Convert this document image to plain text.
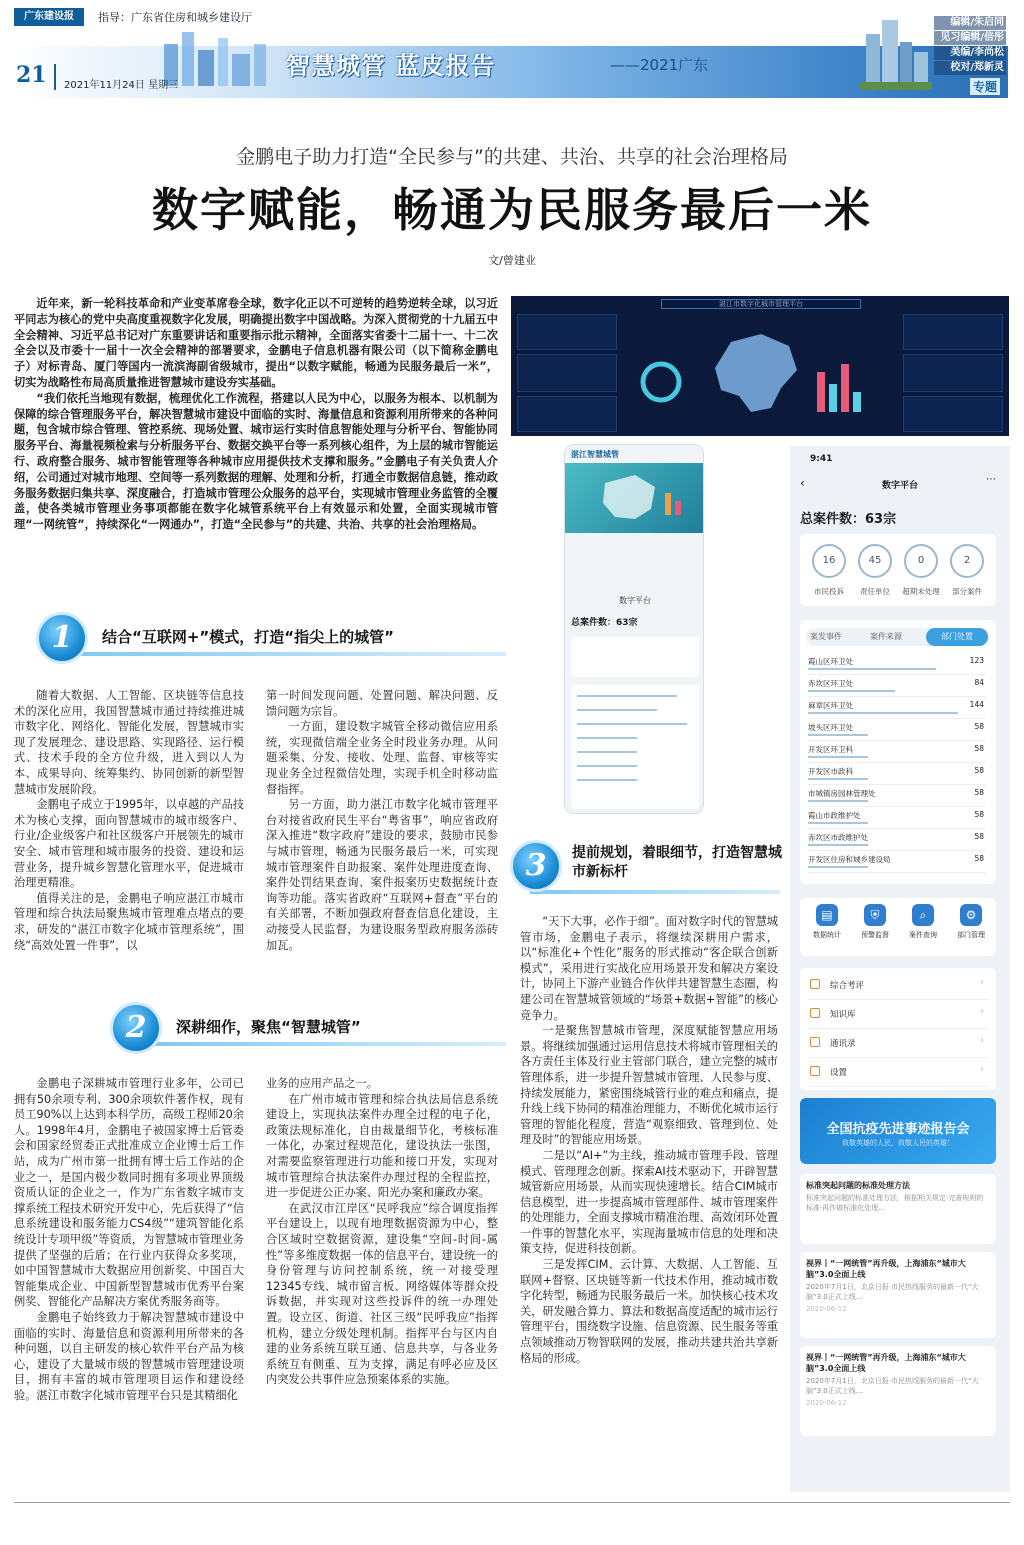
广东建设报	指导：广东省住房和城乡建设厅
21 2021年11月24日 星期三
智慧城管 蓝皮报告	——2021广东
编辑/朱启同
见习编辑/倍彤
美编/李尚松
校对/郑新灵
专题
金鹏电子助力打造“全民参与”的共建、共治、共享的社会治理格局
数字赋能，畅通为民服务最后一米
文/曾建业

近年来，新一轮科技革命和产业变革席卷全球，数字化正以不可逆转的趋势逆转全球，以习近平同志为核心的党中央高度重视数字化发展，明确提出数字中国战略。为深入贯彻党的十九届五中全会精神、习近平总书记对广东重要讲话和重要指示批示精神，全面落实省委十二届十一、十二次全会以及市委十一届十一次全会精神的部署要求，金鹏电子信息机器有限公司（以下简称金鹏电子）对标青岛、厦门等国内一流滨海副省级城市，提出“以数字赋能，畅通为民服务最后一米”，切实为战略性布局高质量推进智慧城市建设夯实基础。

“我们依托当地现有数据，梳理优化工作流程，搭建以人民为中心，以服务为根本、以机制为保障的综合管理服务平台，解决智慧城市建设中面临的实时、海量信息和资源利用所带来的各种问题，包含城市综合管理、管控系统、现场处置、城市运行实时信息智能处理与分析平台、智能协同服务平台、海量视频检索与分析服务平台、数据交换平台等一系列核心组件，为上层的城市智能运行、政府整合服务、城市智能管理等各种城市应用提供技术支撑和服务。”金鹏电子有关负责人介绍，公司通过对城市地理、空间等一系列数据的理解、处理和分析，打通全市数据信息链，推动政务服务数据归集共享、深度融合，打造城市管理公众服务的总平台，实现城市管理业务监管的全覆盖，使各类城市管理业务事项都能在数字化城管系统平台上有效显示和处置，全面实现城市管理“一网统管”，持续深化“一网通办”，打造“全民参与”的共建、共治、共享的社会治理格局。

湛江市数字化城市管理平台
1	结合“互联网+”模式，打造“指尖上的城管”

随着大数据、人工智能、区块链等信息技术的深化应用，我国智慧城市通过持续推进城市数字化、网络化、智能化发展，智慧城市实现了发展理念、建设思路、实现路径、运行模式、技术手段的全方位升级，进入到以人为本、成果导向、统筹集约、协同创新的新型智慧城市发展阶段。

金鹏电子成立于1995年，以卓越的产品技术为核心支撑，面向智慧城市的城市级客户、行业/企业级客户和社区级客户开展领先的城市安全、城市管理和城市服务的投资、建设和运营业务，提升城乡智慧化管理水平，促进城市治理更精准。

值得关注的是，金鹏电子响应湛江市城市管理和综合执法局聚焦城市管理难点堵点的要求，研发的“湛江市数字化城市管理系统”，围绕“高效处置一件事”，以

第一时间发现问题、处置问题、解决问题、反馈问题为宗旨。

一方面，建设数字城管全移动微信应用系统，实现微信端全业务全时段业务办理。从问题采集、分发、接收、处理、监督、审核等实现业务全过程微信处理，实现手机全时移动监督指挥。

另一方面，助力湛江市数字化城市管理平台对接省政府民生平台“粤省事”，响应省政府深入推进“数字政府”建设的要求，鼓励市民参与城市管理，畅通为民服务最后一米，可实现城市管理案件自助报案、案件处理进度查询、案件处罚结果查询、案件报案历史数据统计查询等功能。落实省政府“互联网+督查”平台的有关部署，不断加强政府督查信息化建设，主动接受人民监督，为建设服务型政府服务添砖加瓦。

2	深耕细作，聚焦“智慧城管”

金鹏电子深耕城市管理行业多年，公司已拥有50余项专利、300余项软件著作权，现有员工90%以上达到本科学历，高级工程师20余人。1998年4月，金鹏电子被国家博士后管委会和国家经贸委正式批准成立企业博士后工作站，成为广州市第一批拥有博士后工作站的企业之一，是国内极少数同时拥有多项业界顶级资质认证的企业之一，作为广东省数字城市支撑系统工程技术研究开发中心，先后获得了“信息系统建设和服务能力CS4级”“建筑智能化系统设计专项甲级”等资质，为智慧城市管理业务提供了坚强的后盾；在行业内获得众多奖项，如中国智慧城市大数据应用创新奖、中国百大智能集成企业、中国新型智慧城市优秀平台案例奖、智能化产品解决方案优秀服务商等。

金鹏电子始终致力于解决智慧城市建设中面临的实时、海量信息和资源利用所带来的各种问题，以自主研发的核心软件平台产品为核心，建设了大量城市级的智慧城市管理建设项目，拥有丰富的城市管理项目运作和建设经验。湛江市数字化城市管理平台只是其精细化

业务的应用产品之一。

在广州市城市管理和综合执法局信息系统建设上，实现执法案件办理全过程的电子化，政策法规标准化，自由裁量细节化，考核标准一体化，办案过程规范化，建设执法一张图，对需要监察管理进行功能和接口开发，实现对城市管理综合执法案件办理过程的全程监控，进一步促进公正办案、阳光办案和廉政办案。

在武汉市江岸区“民呼我应”综合调度指挥平台建设上，以现有地理数据资源为中心，整合区域时空数据资源，建设集“空间-时间-属性”等多维度数据一体的信息平台，建设统一的身份管理与访问控制系统，统一对接受理12345专线、城市留言板、网络媒体等群众投诉数据，并实现对这些投诉件的统一办理处置。设立区、街道、社区三级“民呼我应”指挥机构，建立分级处理机制。指挥平台与区内自建的业务系统互联互通、信息共享，与各业务系统互有侧重、互为支撑，满足有呼必应及区内突发公共事件应急预案体系的实施。

湛江智慧城管
数字平台
总案件数：63宗
3	提前规划，着眼细节，打造智慧城市新标杆

“天下大事，必作于细”。面对数字时代的智慧城管市场，金鹏电子表示，将继续深耕用户需求，以“标准化+个性化”服务的形式推动“客企联合创新模式”，采用进行实战化应用场景开发和解决方案设计，协同上下游产业链合作伙伴共建智慧生态圈，构建公司在智慧城管领域的“场景+数据+智能”的核心竞争力。

一是聚焦智慧城市管理，深度赋能智慧应用场景。将继续加强通过运用信息技术将城市管理相关的各方责任主体及行业主管部门联合，建立完整的城市管理体系，进一步提升智慧城市管理、人民参与度、持续发展能力，紧密围绕城管行业的难点和痛点，提升线上线下协同的精准治理能力，不断优化城市运行管理的智能化程度，营造“观察细致、管理到位、处理及时”的智能应用场景。

二是以“AI+”为主线，推动城市管理手段、管理模式、管理理念创新。探索AI技术驱动下，开辟智慧城管新应用场景，从而实现快速增长。结合CIM城市信息模型，进一步提高城市管理部件、城市管理案件的处理能力，全面支撑城市精准治理、高效闭环处置一件事的智慧化水平，实现海量城市信息的处理和决策支持，促进科技创新。

三是发挥CIM、云计算、大数据、人工智能、互联网+督察、区块链等新一代技术作用，推动城市数字化转型，畅通为民服务最后一米。加快核心技术攻关，研发融合算力、算法和数据高度适配的城市运行管理平台，围绕数字设施、信息资源、民生服务等重点领域推动万物智联网的发展，推动共建共治共享新格局的形成。

9:41
‹	数字平台
⋯
总案件数：63宗
16	45	0	2
市民投诉	责任单位	超期未处理	部分案件
案发事件	案件来源	部门处置
霞山区环卫处	123
赤坎区环卫处	84
麻章区环卫处	144
坡头区环卫处	58
开发区环卫科	58
开发区市政科	58
市城镇房园林管理处	58
霞山市政维护处	58
赤坎区市政维护处	58
开发区住房和城乡建设局	58
▤
数据统计
⛨
预警监督
⌕
案件查询
⚙
部门管理
综合考评	›
知识库	›
通讯录	›
设置	›
全国抗疫先进事迹报告会
致敬英雄的人民，致敬人民的英雄！
标准突起问题的标准处理方法
标准突起问题的标准处理方法，根据相关规定·完善规则的标准·再作做标准化处理...
视界丨“一网统管”再升级，上海浦东“城市大脑”3.0全面上线
2020年7月1日，北京日报·市民热线服务的最新一代“大脑”3.0正式上线...
2020-06-12
视界丨“一网统管”再升级，上海浦东“城市大脑”3.0全面上线
2020年7月1日，北京日报·市民热线服务的最新一代“大脑”3.0正式上线...
2020-06-12
